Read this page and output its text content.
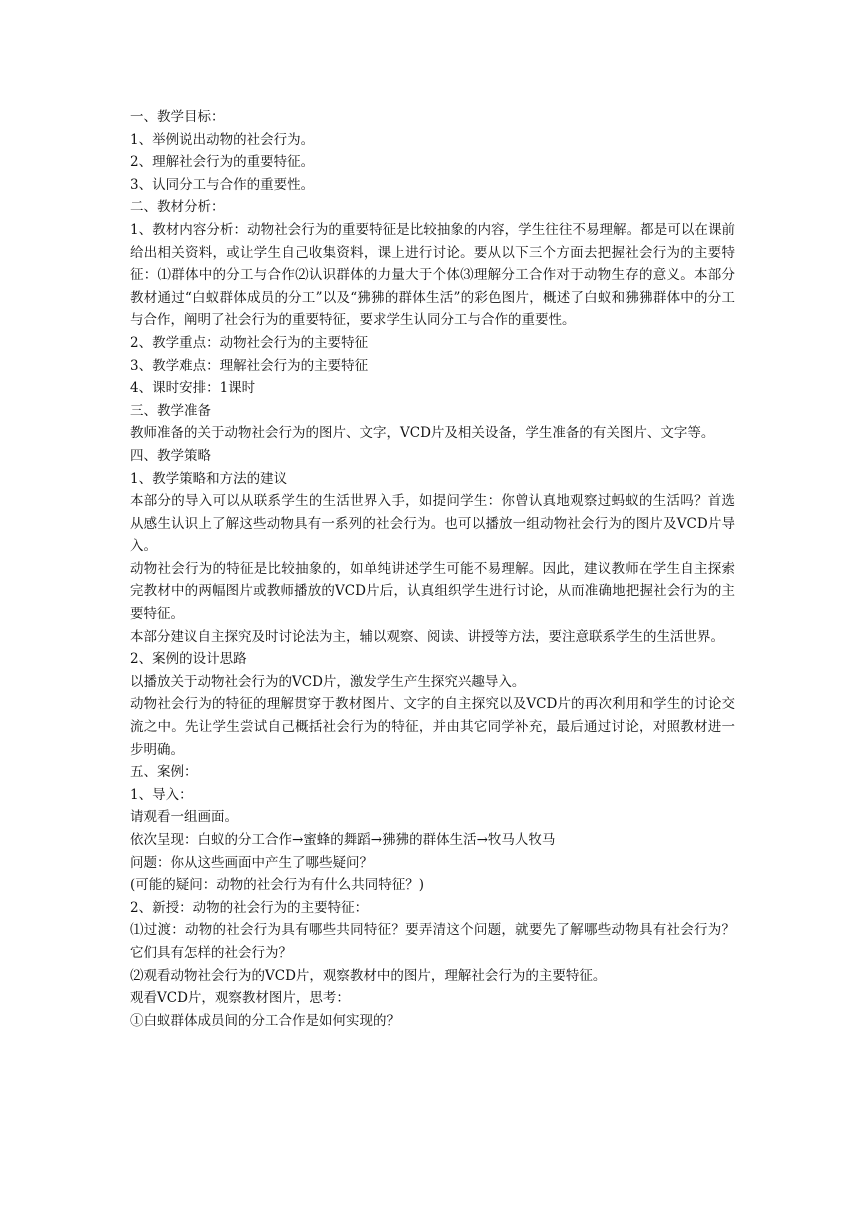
一、教学目标：

1、举例说出动物的社会行为。

2、理解社会行为的重要特征。

3、认同分工与合作的重要性。

二、教材分析：

1、教材内容分析：动物社会行为的重要特征是比较抽象的内容，学生往往不易理解。都是可以在课前给出相关资料，或让学生自己收集资料，课上进行讨论。要从以下三个方面去把握社会行为的主要特征：⑴群体中的分工与合作⑵认识群体的力量大于个体⑶理解分工合作对于动物生存的意义。本部分教材通过“白蚁群体成员的分工”以及“狒狒的群体生活”的彩色图片，概述了白蚁和狒狒群体中的分工与合作，阐明了社会行为的重要特征，要求学生认同分工与合作的重要性。

2、教学重点：动物社会行为的主要特征

3、教学难点：理解社会行为的主要特征

4、课时安排：1课时

三、教学准备

教师准备的关于动物社会行为的图片、文字，VCD片及相关设备，学生准备的有关图片、文字等。

四、教学策略

1、教学策略和方法的建议

本部分的导入可以从联系学生的生活世界入手，如提问学生：你曾认真地观察过蚂蚁的生活吗？首选从感生认识上了解这些动物具有一系列的社会行为。也可以播放一组动物社会行为的图片及VCD片导入。

动物社会行为的特征是比较抽象的，如单纯讲述学生可能不易理解。因此，建议教师在学生自主探索完教材中的两幅图片或教师播放的VCD片后，认真组织学生进行讨论，从而准确地把握社会行为的主要特征。

本部分建议自主探究及时讨论法为主，辅以观察、阅读、讲授等方法，要注意联系学生的生活世界。

2、案例的设计思路

以播放关于动物社会行为的VCD片，激发学生产生探究兴趣导入。

动物社会行为的特征的理解贯穿于教材图片、文字的自主探究以及VCD片的再次利用和学生的讨论交流之中。先让学生尝试自己概括社会行为的特征，并由其它同学补充，最后通过讨论，对照教材进一步明确。

五、案例：

1、导入：

请观看一组画面。

依次呈现：白蚁的分工合作→蜜蜂的舞蹈→狒狒的群体生活→牧马人牧马

问题：你从这些画面中产生了哪些疑问？

(可能的疑问：动物的社会行为有什么共同特征？)

2、新授：动物的社会行为的主要特征：

⑴过渡：动物的社会行为具有哪些共同特征？要弄清这个问题，就要先了解哪些动物具有社会行为？它们具有怎样的社会行为？

⑵观看动物社会行为的VCD片，观察教材中的图片，理解社会行为的主要特征。

观看VCD片，观察教材图片，思考：

①白蚁群体成员间的分工合作是如何实现的？
